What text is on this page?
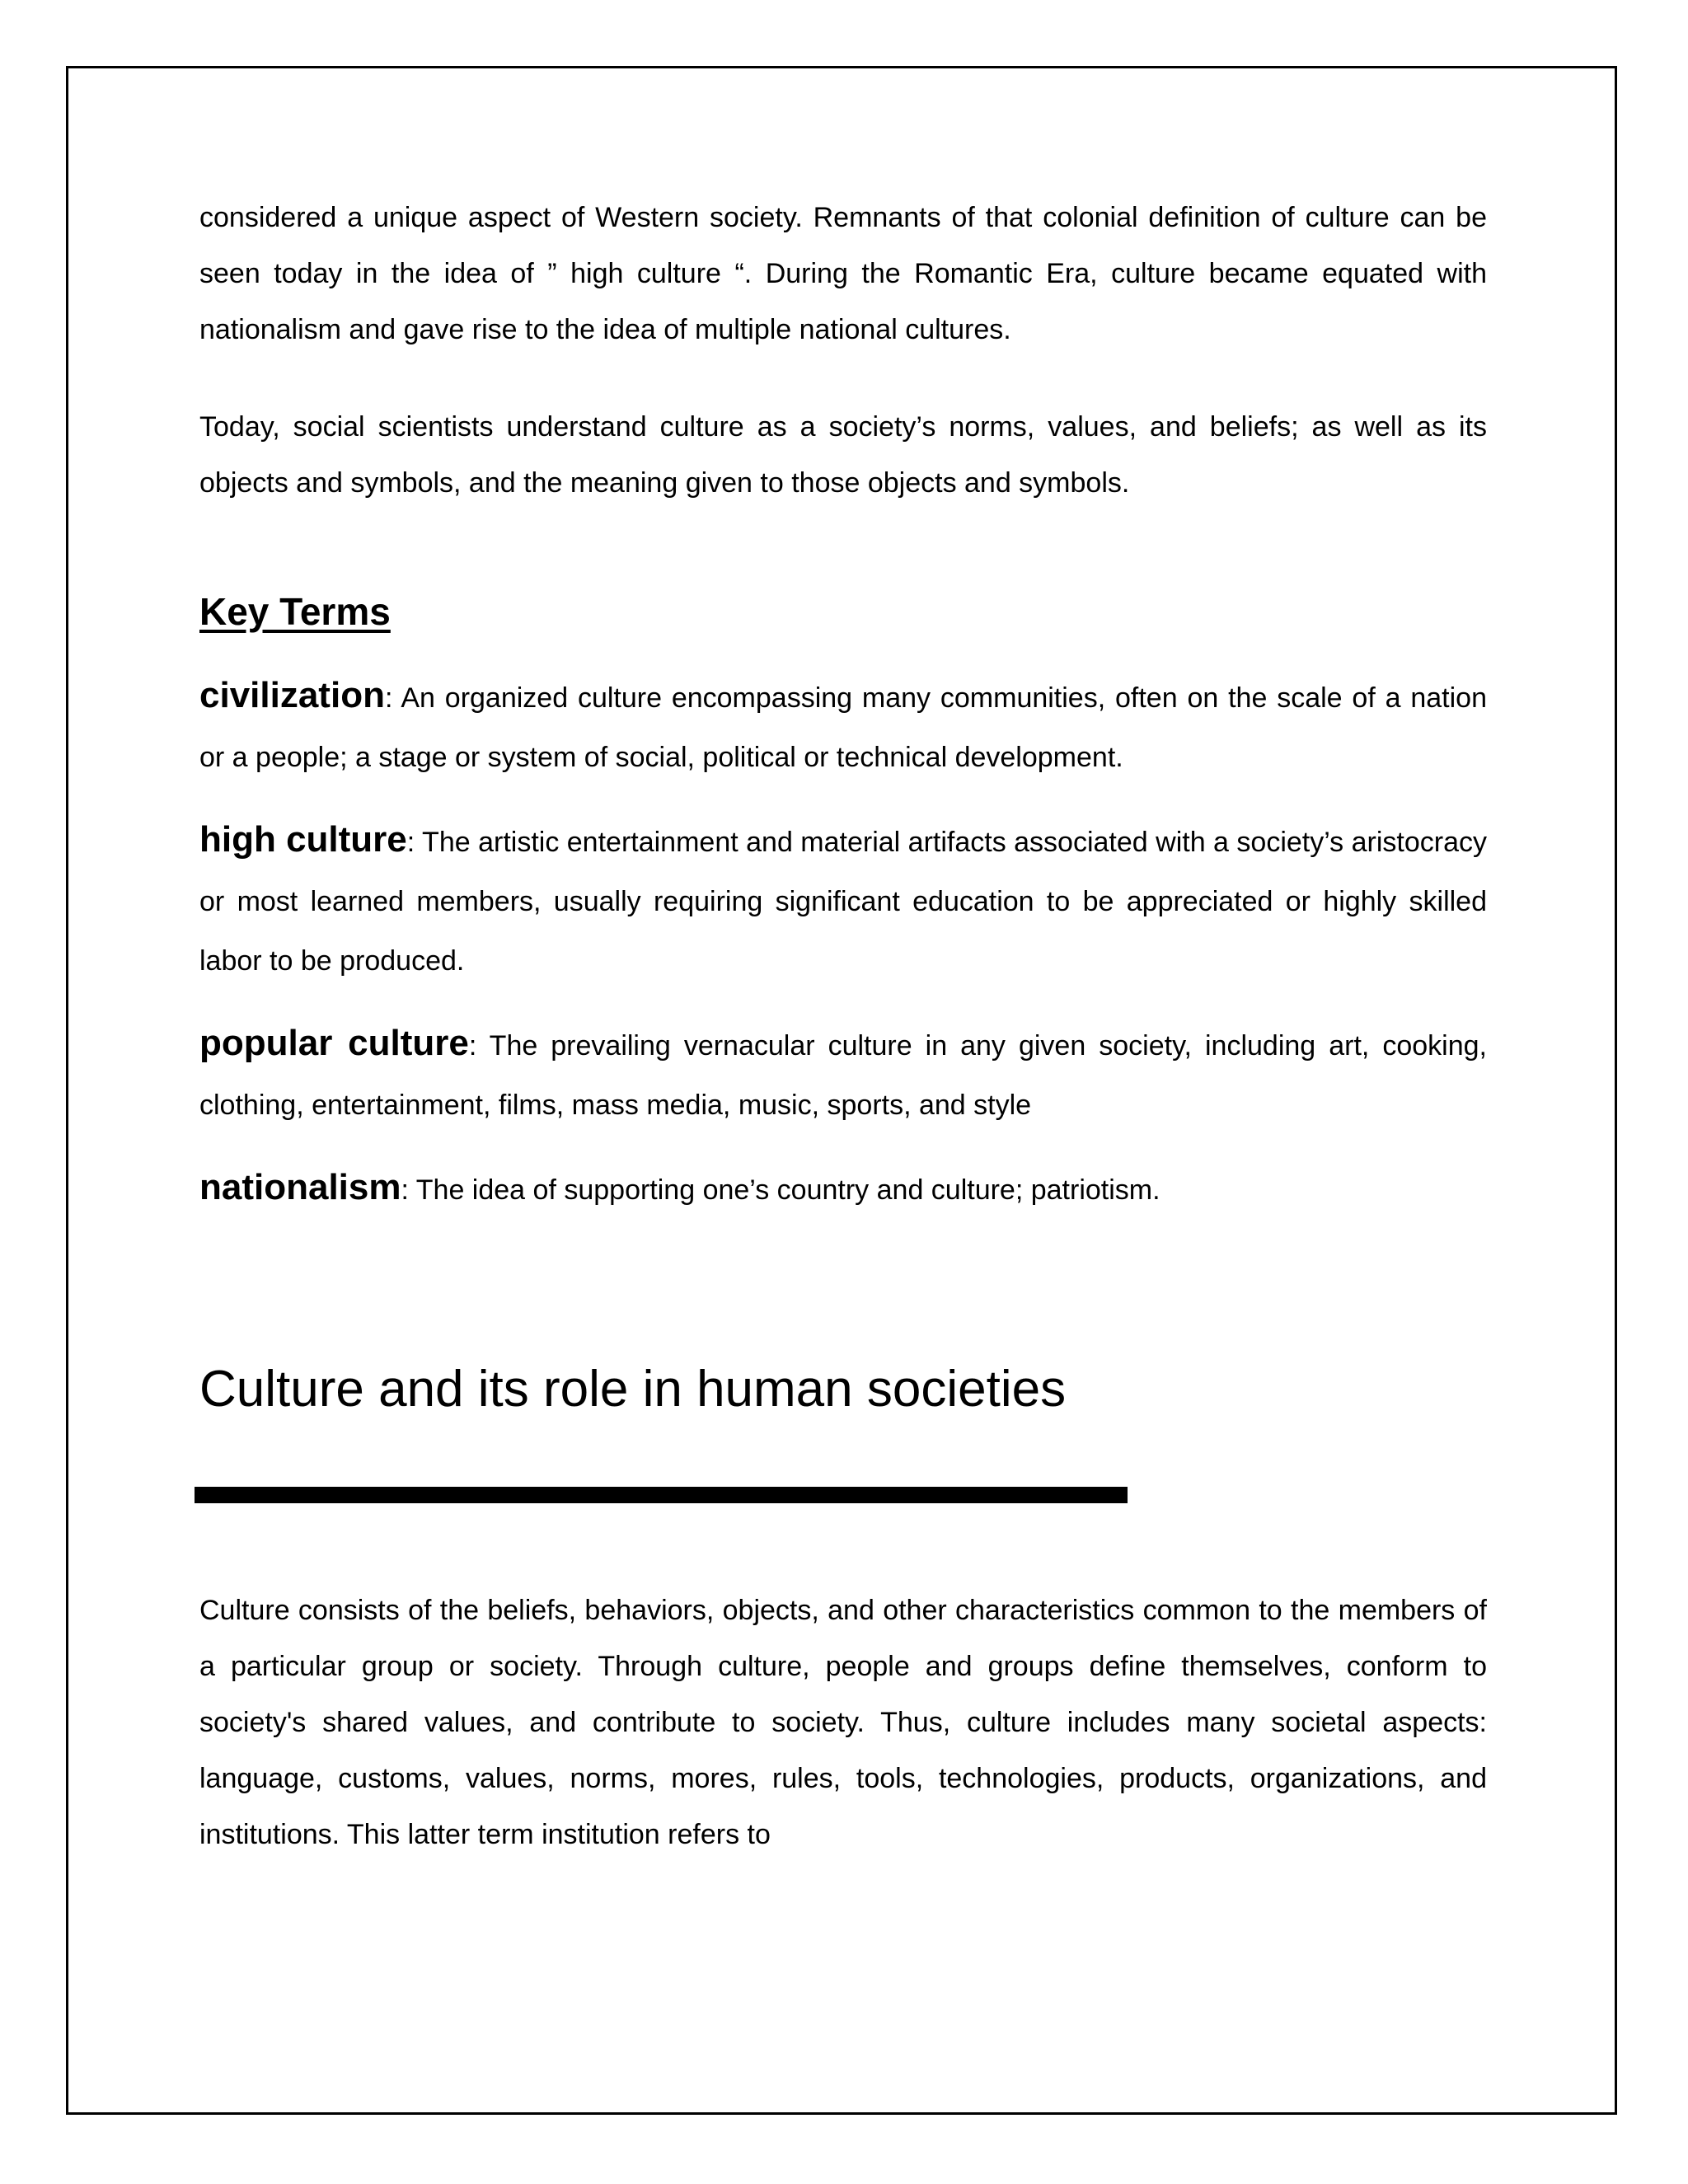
considered a unique aspect of Western society. Remnants of that colonial definition of culture can be seen today in the idea of ” high culture “. During the Romantic Era, culture became equated with nationalism and gave rise to the idea of multiple national cultures.

Today, social scientists understand culture as a society’s norms, values, and beliefs; as well as its objects and symbols, and the meaning given to those objects and symbols.

Key Terms

civilization: An organized culture encompassing many communities, often on the scale of a nation or a people; a stage or system of social, political or technical development.

high culture: The artistic entertainment and material artifacts associated with a society’s aristocracy or most learned members, usually requiring significant education to be appreciated or highly skilled labor to be produced.

popular culture: The prevailing vernacular culture in any given society, including art, cooking, clothing, entertainment, films, mass media, music, sports, and style

nationalism: The idea of supporting one’s country and culture; patriotism.

Culture and its role in human societies

Culture consists of the beliefs, behaviors, objects, and other characteristics common to the members of a particular group or society. Through culture, people and groups define themselves, conform to society's shared values, and contribute to society. Thus, culture includes many societal aspects: language, customs, values, norms, mores, rules, tools, technologies, products, organizations, and institutions. This latter term institution refers to
